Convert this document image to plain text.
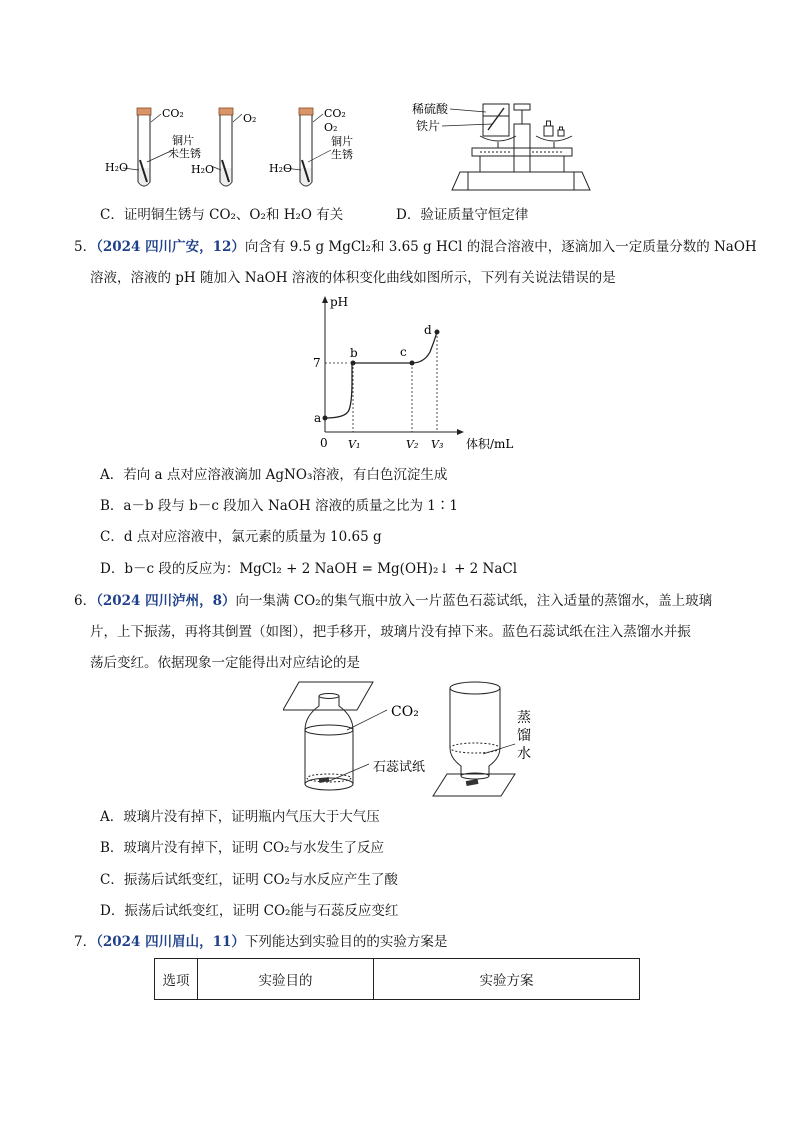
CO₂
H₂O
铜片
未生锈
O₂
H₂O
CO₂
O₂
H₂O
铜片
生锈
稀硫酸
铁片
C．证明铜生锈与 CO₂、O₂和 H₂O 有关	D．验证质量守恒定律
5．（2024 四川广安，12）向含有 9.5 g MgCl₂和 3.65 g HCl 的混合溶液中，逐滴加入一定质量分数的 NaOH
溶液，溶液的 pH 随加入 NaOH 溶液的体积变化曲线如图所示，下列有关说法错误的是
pH
体积/mL
0
7
a
b	c
d
V₁	V₂ V₃
A．若向 a 点对应溶液滴加 AgNO₃溶液，有白色沉淀生成
B．a－b 段与 b－c 段加入 NaOH 溶液的质量之比为 1∶1
C．d 点对应溶液中，氯元素的质量为 10.65 g
D．b－c 段的反应为：MgCl₂ + 2 NaOH = Mg(OH)₂↓ + 2 NaCl
6．（2024 四川泸州，8）向一集满 CO₂的集气瓶中放入一片蓝色石蕊试纸，注入适量的蒸馏水，盖上玻璃
片，上下振荡，再将其倒置（如图），把手移开，玻璃片没有掉下来。蓝色石蕊试纸在注入蒸馏水并振
荡后变红。依据现象一定能得出对应结论的是
CO₂
石蕊试纸
蒸
馏
水
A．玻璃片没有掉下，证明瓶内气压大于大气压
B．玻璃片没有掉下，证明 CO₂与水发生了反应
C．振荡后试纸变红，证明 CO₂与水反应产生了酸
D．振荡后试纸变红，证明 CO₂能与石蕊反应变红
7．（2024 四川眉山，11）下列能达到实验目的的实验方案是
选项	实验目的	实验方案
